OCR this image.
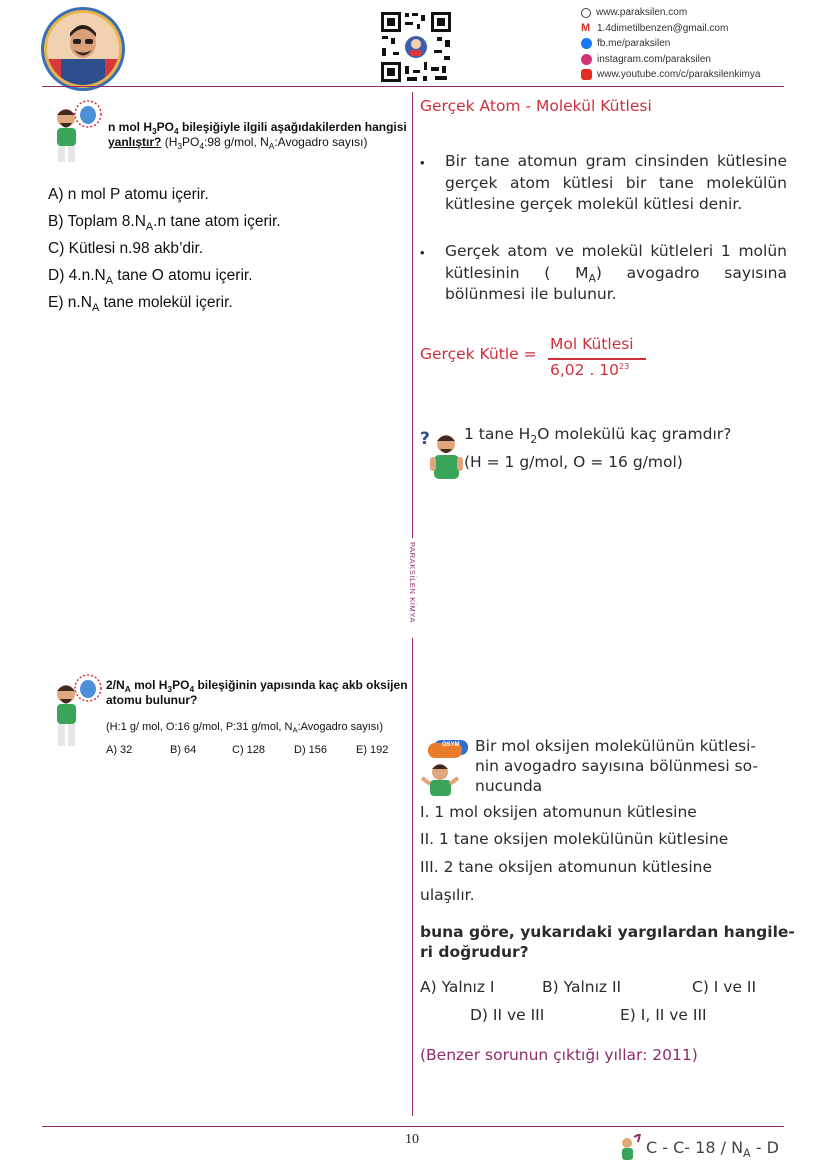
www.paraksilen.com
M 1.4dimetilbenzen@gmail.com
fb.me/paraksilen
instagram.com/paraksilen
www.youtube.com/c/paraksilenkimya
PARAKSİLEN KİMYA
n mol $H_3PO_4$ bileşiğiyle ilgili aşağıdakilerden hangisi
yanlıştır? ($H_3PO_4:98$ g/mol, $N_A:Avogadro$ sayısı)
A) n mol P atomu içerir.
B) Toplam $8.N_A.n$ tane atom içerir.
C) Kütlesi n.98 akb’dir.
D) $4.n.N_A$ tane O atomu içerir.
E) $n.N_A$ tane molekül içerir.
$2/N_A$ mol $H_3PO_4$ bileşiğinin yapısında kaç akb oksijen
atomu bulunur?
(H:1 g/ mol, O:16 g/mol, P:31 g/mol, $N_A:Avogadro$ sayısı)
A) 32	B) 64	C) 128	D) 156	E) 192
Gerçek Atom - Molekül Kütlesi
• Bir tane atomun gram cinsinden kütlesine gerçek atom kütlesi bir tane molekülün kütlesine gerçek molekül kütlesi denir.
• Gerçek atom ve molekül kütleleri 1 molün kütlesinin ( $M_A$) avogadro sayısına bölünmesi ile bulunur.
Gerçek Kütle =
Mol Kütlesi
6,02 . $10^{23}$
? 1 tane $H_2O$ molekülü kaç gramdır?
(H = 1 g/mol, O = 16 g/mol)
ÖSYM Bir mol oksijen molekülünün kütlesi-
nin avogadro sayısına bölünmesi so-
nucunda
I. 1 mol oksijen atomunun kütlesine
II. 1 tane oksijen molekülünün kütlesine
III. 2 tane oksijen atomunun kütlesine
ulaşılır.
buna göre, yukarıdaki yargılardan hangile-
ri doğrudur?
A) Yalnız I	B) Yalnız II	C) I ve II
D) II ve III	E) I, II ve III
(Benzer sorunun çıktığı yıllar: 2011)
10	C - C- $18 / N_A$ - D
